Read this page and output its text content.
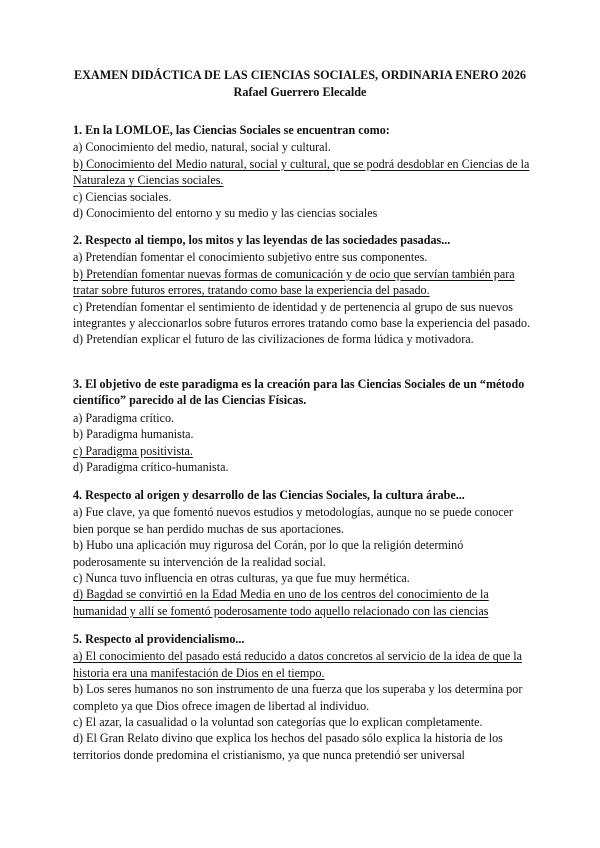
EXAMEN DIDÁCTICA DE LAS CIENCIAS SOCIALES, ORDINARIA ENERO 2026
Rafael Guerrero Elecalde
1. En la LOMLOE, las Ciencias Sociales se encuentran como:
a) Conocimiento del medio, natural, social y cultural.
b) Conocimiento del Medio natural, social y cultural, que se podrá desdoblar en Ciencias de la Naturaleza y Ciencias sociales.
c) Ciencias sociales.
d) Conocimiento del entorno y su medio y las ciencias sociales
2. Respecto al tiempo, los mitos y las leyendas de las sociedades pasadas...
a) Pretendían fomentar el conocimiento subjetivo entre sus componentes.
b) Pretendían fomentar nuevas formas de comunicación y de ocio que servían también para tratar sobre futuros errores, tratando como base la experiencia del pasado.
c) Pretendían fomentar el sentimiento de identidad y de pertenencia al grupo de sus nuevos integrantes y aleccionarlos sobre futuros errores tratando como base la experiencia del pasado.
d) Pretendían explicar el futuro de las civilizaciones de forma lúdica y motivadora.
3. El objetivo de este paradigma es la creación para las Ciencias Sociales de un “método científico” parecido al de las Ciencias Físicas.
a) Paradigma crítico.
b) Paradigma humanista.
c) Paradigma positivista.
d) Paradigma crítico-humanista.
4. Respecto al origen y desarrollo de las Ciencias Sociales, la cultura árabe...
a) Fue clave, ya que fomentó nuevos estudios y metodologías, aunque no se puede conocer bien porque se han perdido muchas de sus aportaciones.
b) Hubo una aplicación muy rigurosa del Corán, por lo que la religión determinó poderosamente su intervención de la realidad social.
c) Nunca tuvo influencia en otras culturas, ya que fue muy hermética.
d) Bagdad se convirtió en la Edad Media en uno de los centros del conocimiento de la humanidad y allí se fomentó poderosamente todo aquello relacionado con las ciencias
5. Respecto al providencialismo...
a) El conocimiento del pasado está reducido a datos concretos al servicio de la idea de que la historia era una manifestación de Dios en el tiempo.
b) Los seres humanos no son instrumento de una fuerza que los superaba y los determina por completo ya que Dios ofrece imagen de libertad al individuo.
c) El azar, la casualidad o la voluntad son categorías que lo explican completamente.
d) El Gran Relato divino que explica los hechos del pasado sólo explica la historia de los territorios donde predomina el cristianismo, ya que nunca pretendió ser universal
